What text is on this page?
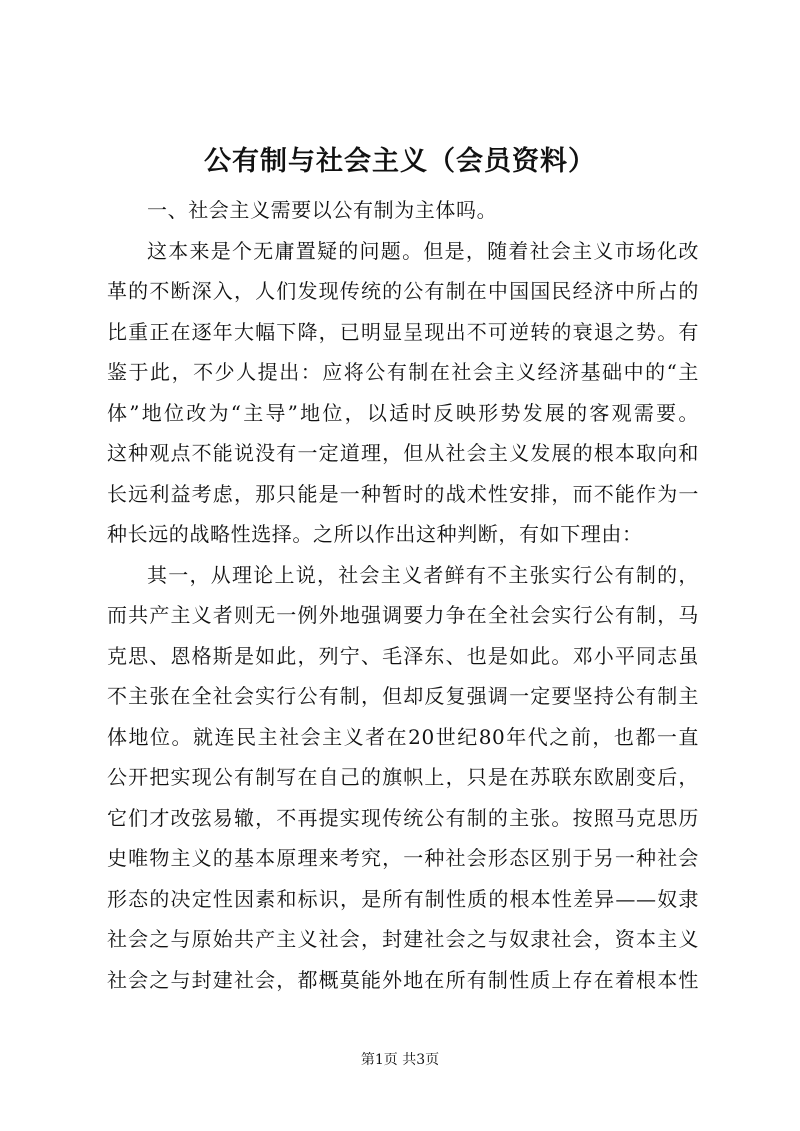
公有制与社会主义（会员资料）
一、社会主义需要以公有制为主体吗。
这本来是个无庸置疑的问题。但是，随着社会主义市场化改
革的不断深入，人们发现传统的公有制在中国国民经济中所占的
比重正在逐年大幅下降，已明显呈现出不可逆转的衰退之势。有
鉴于此，不少人提出：应将公有制在社会主义经济基础中的“主
体”地位改为“主导”地位，以适时反映形势发展的客观需要。
这种观点不能说没有一定道理，但从社会主义发展的根本取向和
长远利益考虑，那只能是一种暂时的战术性安排，而不能作为一
种长远的战略性选择。之所以作出这种判断，有如下理由：
其一，从理论上说，社会主义者鲜有不主张实行公有制的，
而共产主义者则无一例外地强调要力争在全社会实行公有制，马
克思、恩格斯是如此，列宁、毛泽东、也是如此。邓小平同志虽
不主张在全社会实行公有制，但却反复强调一定要坚持公有制主
体地位。就连民主社会主义者在20世纪80年代之前，也都一直
公开把实现公有制写在自己的旗帜上，只是在苏联东欧剧变后，
它们才改弦易辙，不再提实现传统公有制的主张。按照马克思历
史唯物主义的基本原理来考究，一种社会形态区别于另一种社会
形态的决定性因素和标识，是所有制性质的根本性差异——奴隶
社会之与原始共产主义社会，封建社会之与奴隶社会，资本主义
社会之与封建社会，都概莫能外地在所有制性质上存在着根本性
第1页 共3页
